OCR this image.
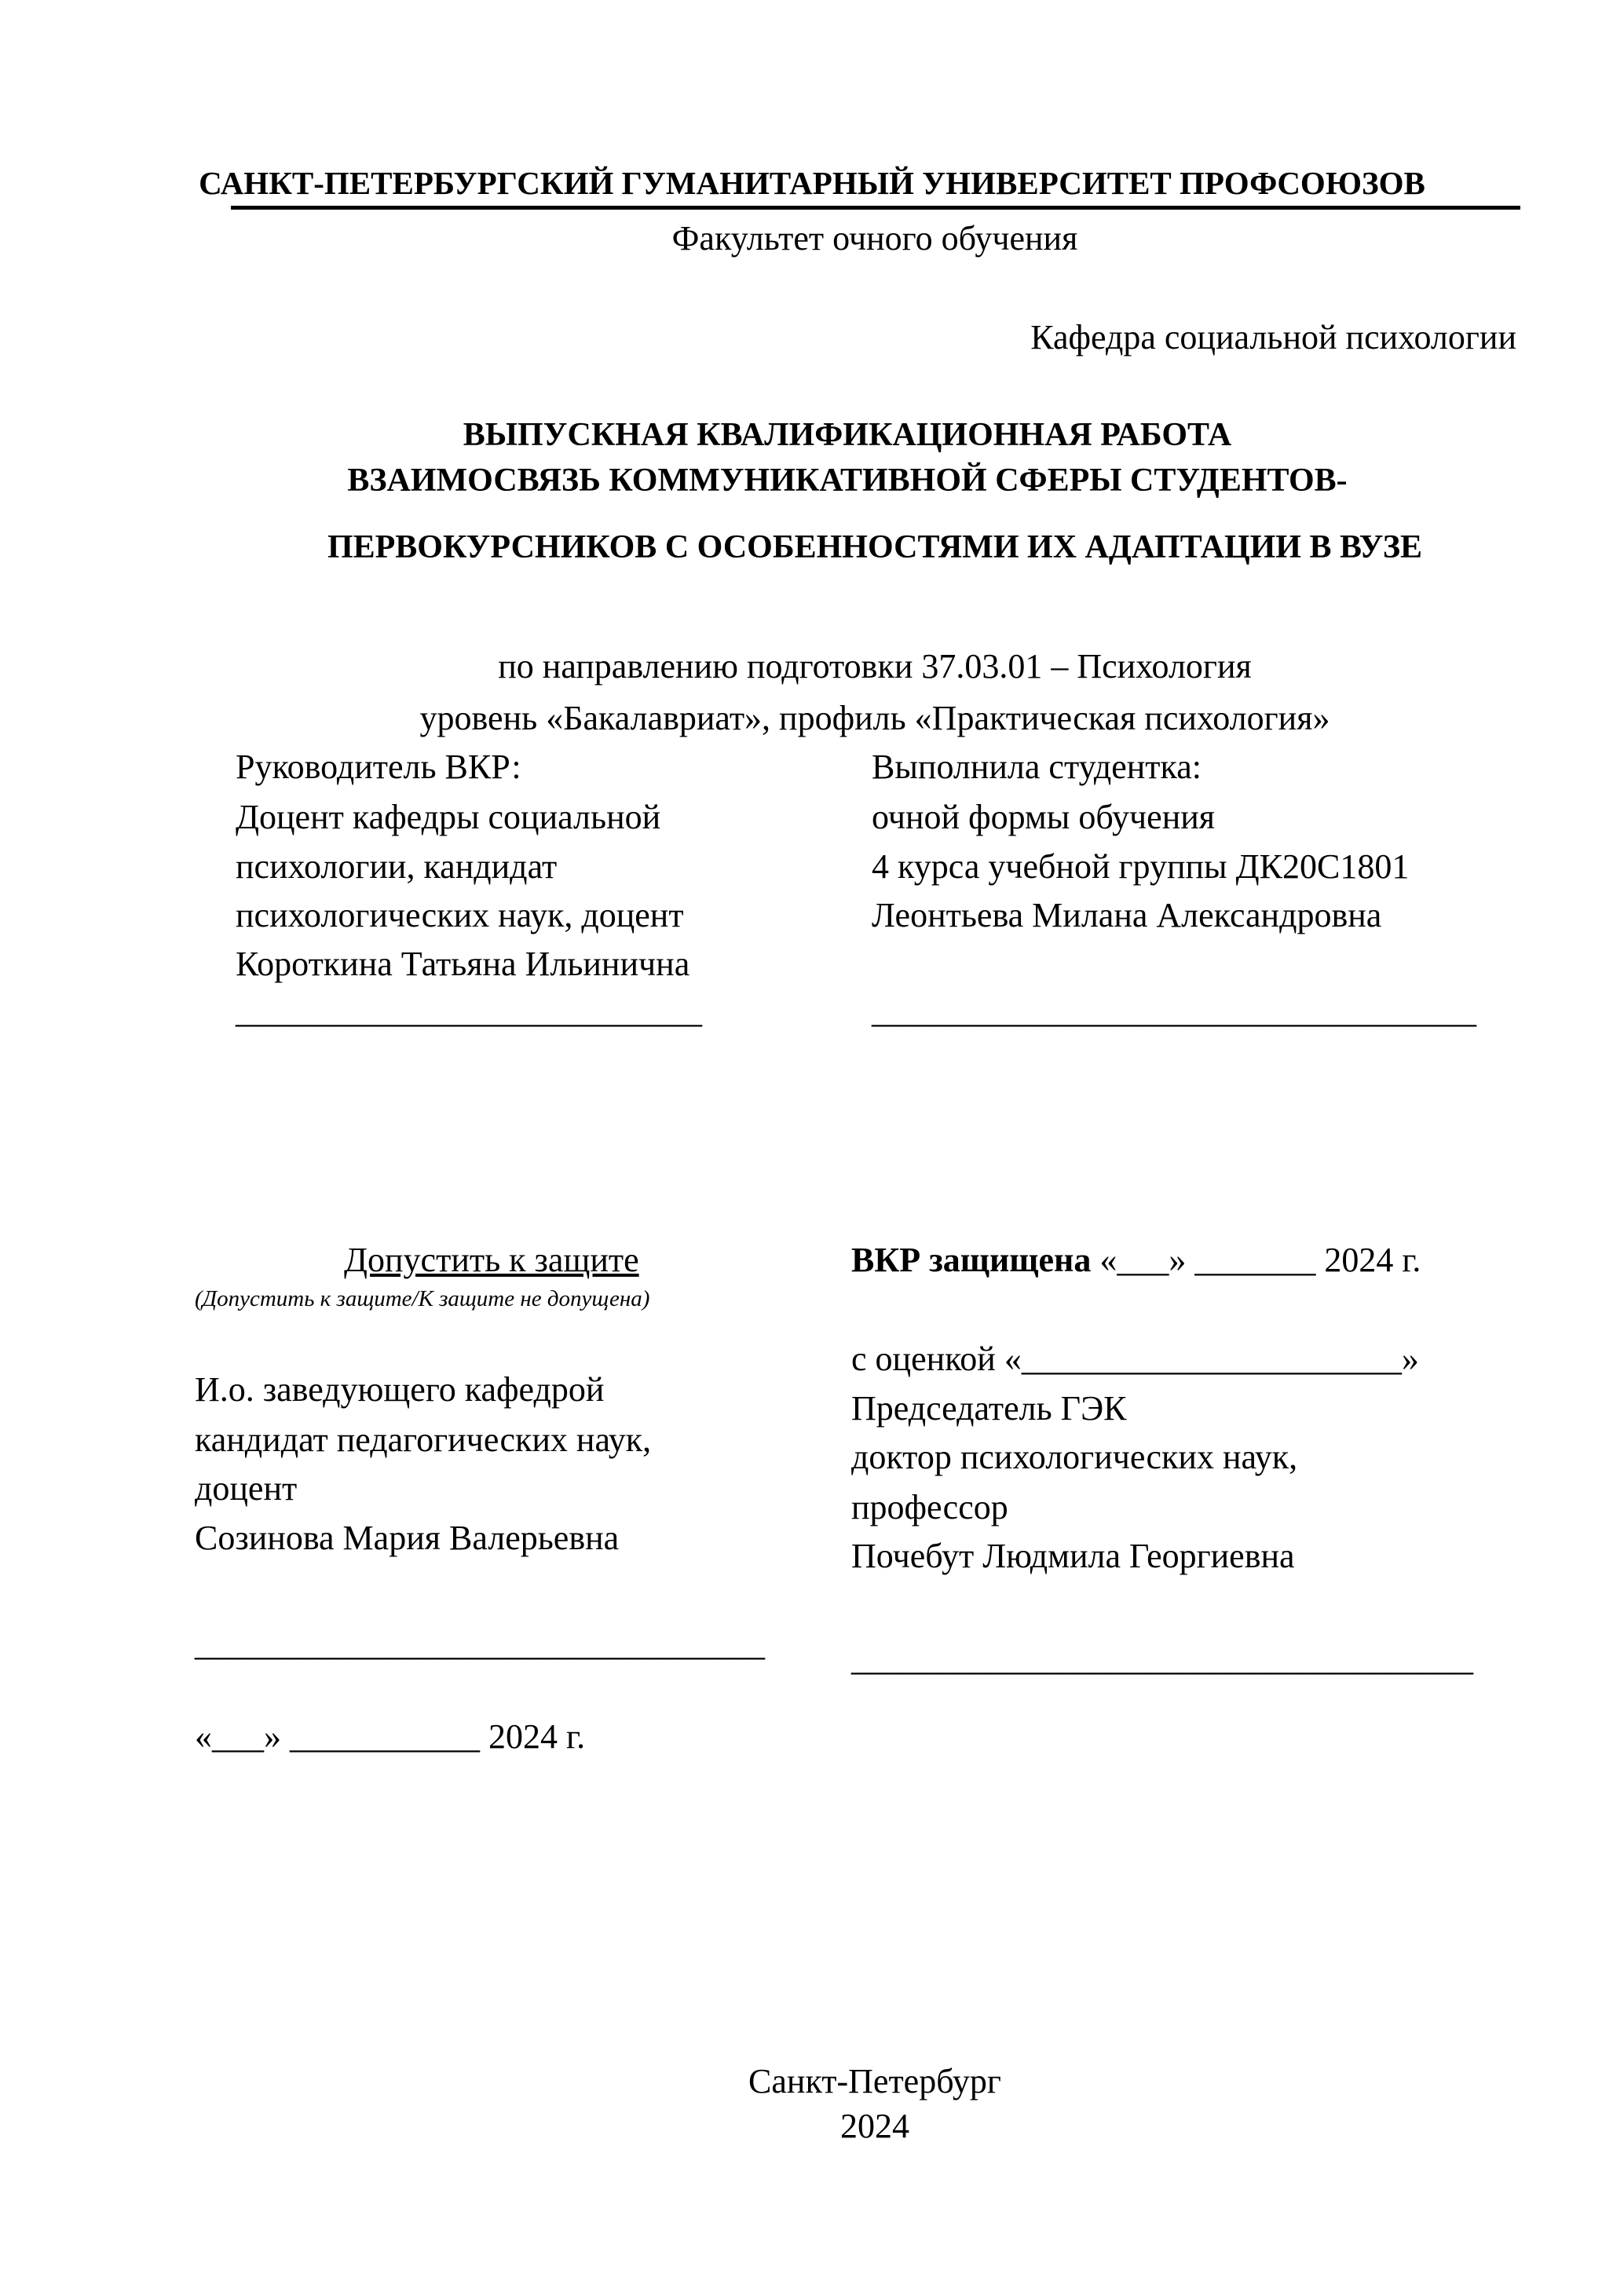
САНКТ-ПЕТЕРБУРГСКИЙ ГУМАНИТАРНЫЙ УНИВЕРСИТЕТ ПРОФСОЮЗОВ
Факультет очного обучения
Кафедра социальной психологии
ВЫПУСКНАЯ КВАЛИФИКАЦИОННАЯ РАБОТА
ВЗАИМОСВЯЗЬ КОММУНИКАТИВНОЙ СФЕРЫ СТУДЕНТОВ-
ПЕРВОКУРСНИКОВ С ОСОБЕННОСТЯМИ ИХ АДАПТАЦИИ В ВУЗЕ
по направлению подготовки 37.03.01 – Психология
уровень «Бакалавриат», профиль «Практическая психология»
Руководитель ВКР:
Доцент кафедры социальной
психологии, кандидат
психологических наук, доцент
Короткина Татьяна Ильинична
___________________________
Выполнила студентка:
очной формы обучения
4 курса учебной группы ДК20С1801
Леонтьева Милана Александровна
___________________________________
Допустить к защите
(Допустить к защите/К защите не допущена)
И.о. заведующего кафедрой
кандидат педагогических наук,
доцент
Созинова Мария Валерьевна
_________________________________
«___» ___________ 2024 г.
ВКР защищена «___» _______ 2024 г.
с оценкой «______________________»
Председатель ГЭК
доктор психологических наук,
профессор
Почебут Людмила Георгиевна
____________________________________
Санкт-Петербург
2024
